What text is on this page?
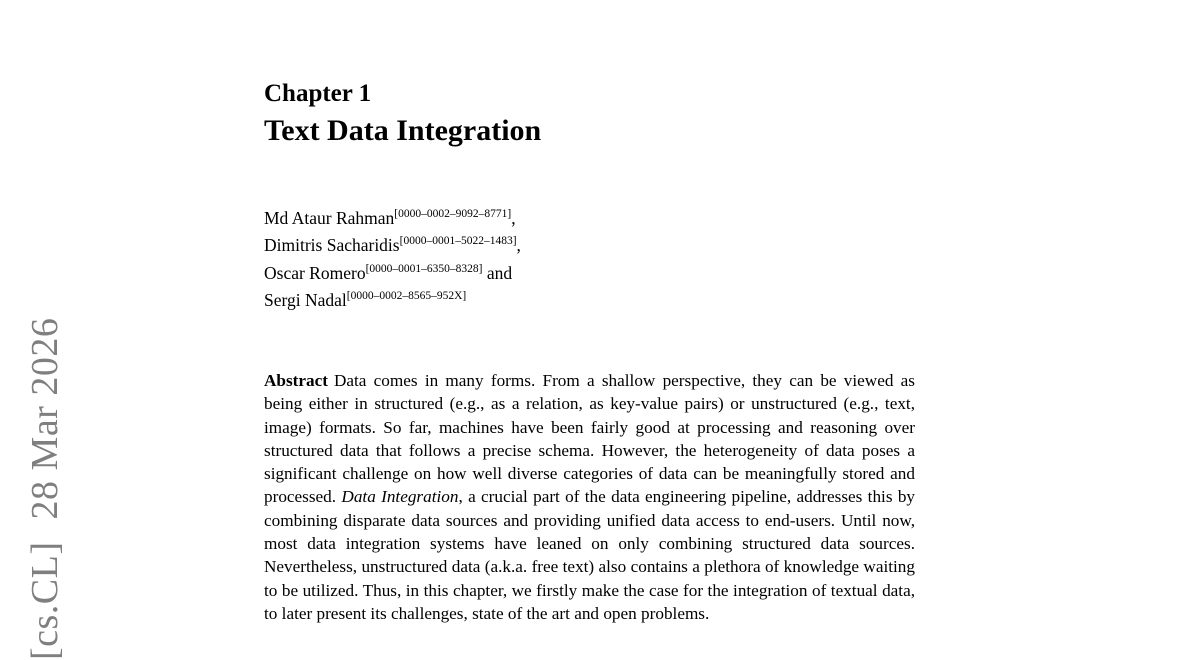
[cs.CL]28 Mar 2026
Chapter 1
Text Data Integration
Md Ataur Rahman[0000–0002–9092–8771],
Dimitris Sacharidis[0000–0001–5022–1483],
Oscar Romero[0000–0001–6350–8328] and
Sergi Nadal[0000–0002–8565–952X]
Abstract Data comes in many forms. From a shallow perspective, they can be viewed as being either in structured (e.g., as a relation, as key-value pairs) or unstructured (e.g., text, image) formats. So far, machines have been fairly good at processing and reasoning over structured data that follows a precise schema. However, the heterogeneity of data poses a significant challenge on how well diverse categories of data can be meaningfully stored and processed. Data Integration, a crucial part of the data engineering pipeline, addresses this by combining disparate data sources and providing unified data access to end-users. Until now, most data integration systems have leaned on only combining structured data sources. Nevertheless, unstructured data (a.k.a. free text) also contains a plethora of knowledge waiting to be utilized. Thus, in this chapter, we firstly make the case for the integration of textual data, to later present its challenges, state of the art and open problems.
